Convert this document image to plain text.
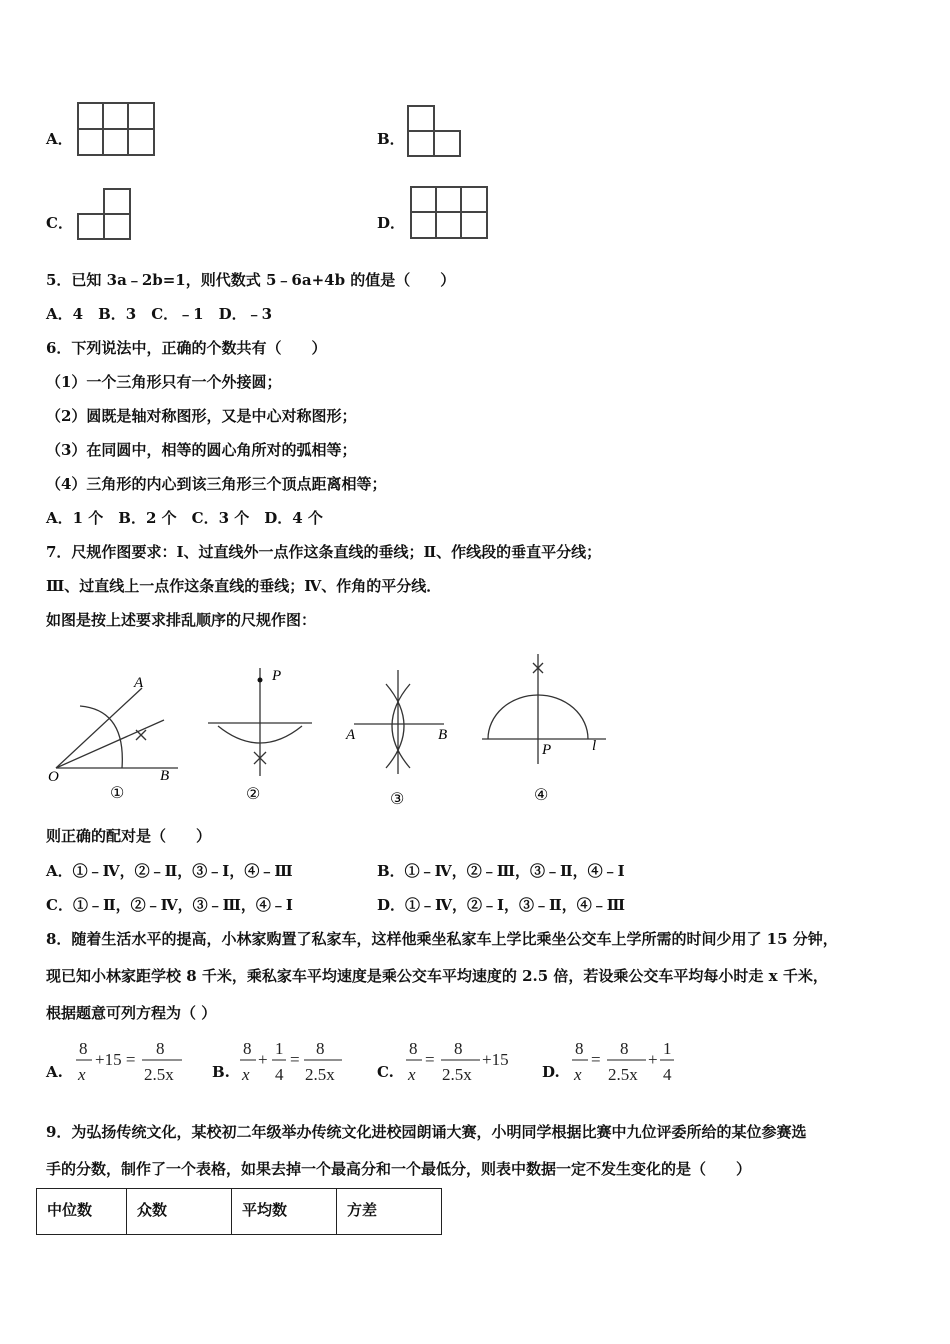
A．	B．
C．	D．
5．已知 3a﹣2b=1，则代数式 5﹣6a+4b 的值是（　　）
A．4　B．3　C．﹣1　D．﹣3
6．下列说法中，正确的个数共有（　　）
（1）一个三角形只有一个外接圆；
（2）圆既是轴对称图形，又是中心对称图形；
（3）在同圆中，相等的圆心角所对的弧相等；
（4）三角形的内心到该三角形三个顶点距离相等；
A．1 个　B．2 个　C．3 个　D．4 个
7．尺规作图要求：Ⅰ、过直线外一点作这条直线的垂线；Ⅱ、作线段的垂直平分线；
Ⅲ、过直线上一点作这条直线的垂线；Ⅳ、作角的平分线．
如图是按上述要求排乱顺序的尺规作图：
A
O	B
①
P
②
A	B
③
P	l
④
则正确的配对是（　　）
A．①﹣Ⅳ，②﹣Ⅱ，③﹣Ⅰ，④﹣Ⅲ	B．①﹣Ⅳ，②﹣Ⅲ，③﹣Ⅱ，④﹣Ⅰ
C．①﹣Ⅱ，②﹣Ⅳ，③﹣Ⅲ，④﹣Ⅰ	D．①﹣Ⅳ，②﹣Ⅰ，③﹣Ⅱ，④﹣Ⅲ
8．随着生活水平的提高，小林家购置了私家车，这样他乘坐私家车上学比乘坐公交车上学所需的时间少用了 15 分钟，
现已知小林家距学校 8 千米，乘私家车平均速度是乘公交车平均速度的 2.5 倍，若设乘公交车平均每小时走 x 千米，
根据题意可列方程为（ ）
A.
8
x
+15 =
8
2.5x	B.
8
x
+
1
4
=
8
2.5x	C.
8
x
=
8
2.5x
+15
D.
8
x
=
8
2.5x
+
1
4
9．为弘扬传统文化，某校初二年级举办传统文化进校园朗诵大赛，小明同学根据比赛中九位评委所给的某位参赛选
手的分数，制作了一个表格，如果去掉一个最高分和一个最低分，则表中数据一定不发生变化的是（　　）
中位数	众数	平均数	方差
